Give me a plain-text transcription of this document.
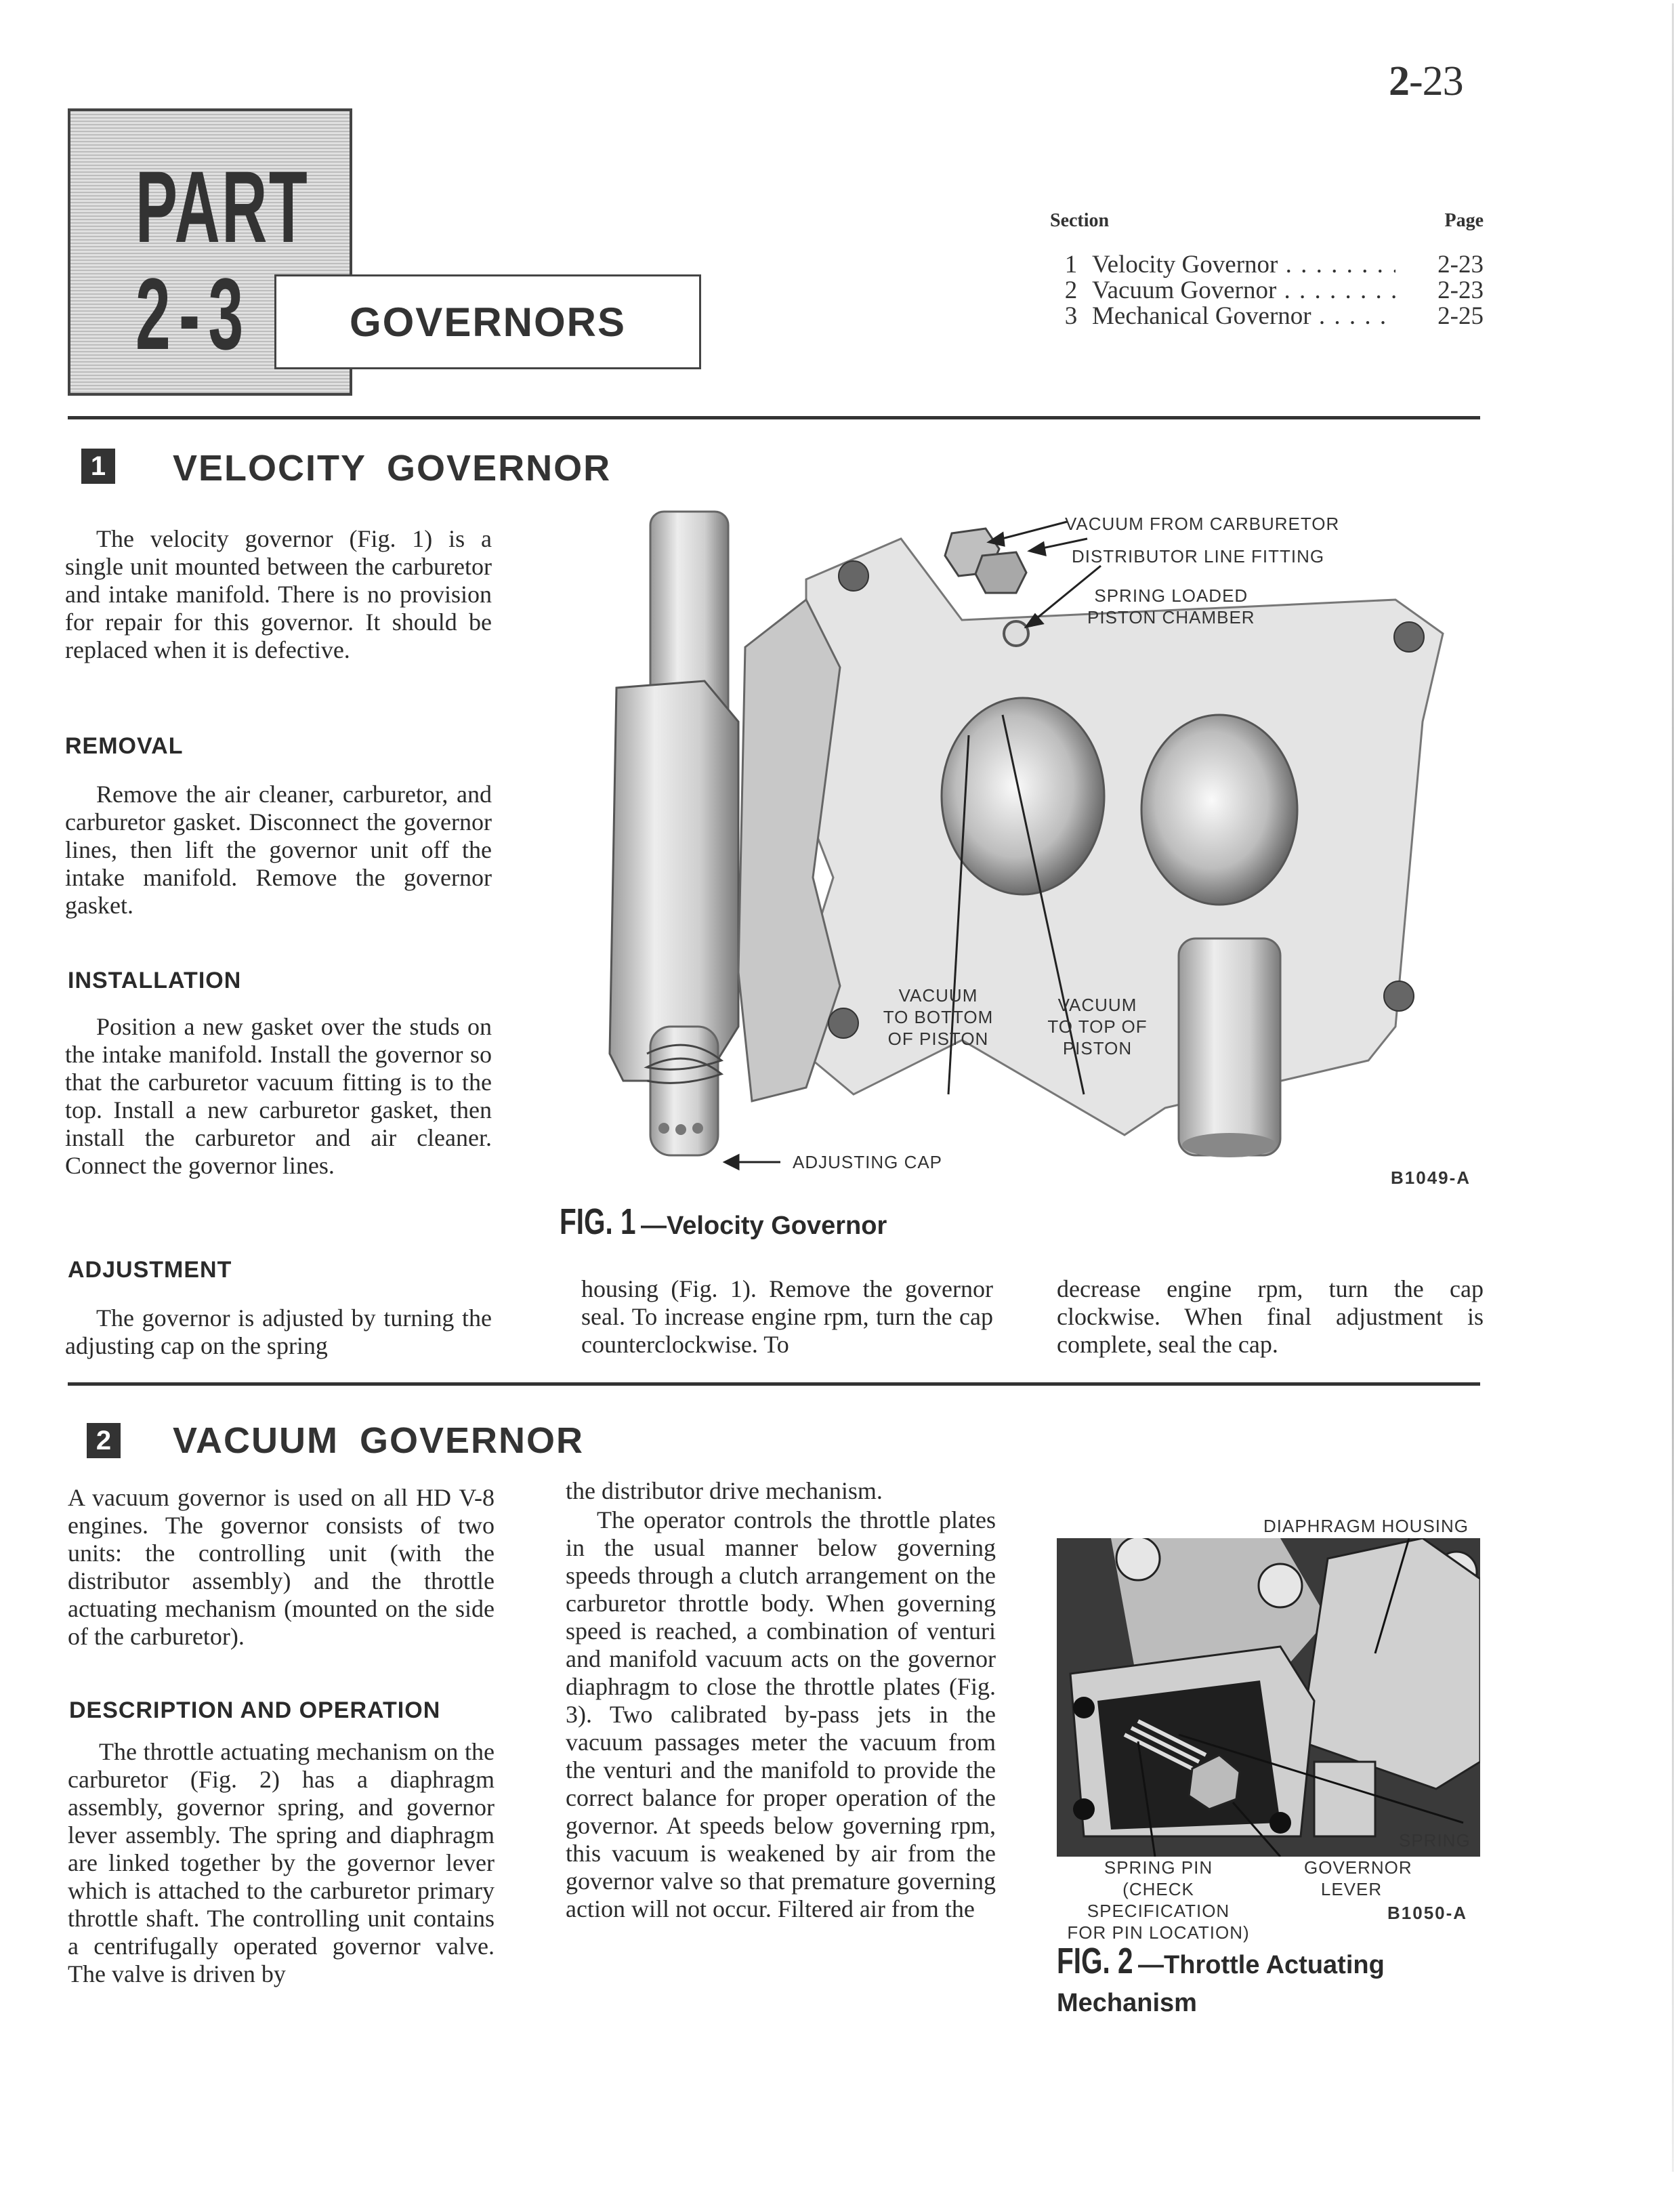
2-23
PART
2-3 GOVERNORS
Section	Page
1 Velocity Governor . . .	2-23
2 Vacuum Governor . . .	2-23
3 Mechanical Governor . . .	2-25
1 VELOCITY GOVERNOR

The velocity governor (Fig. 1) is a single unit mounted between the carburetor and intake manifold. There is no provision for repair for this governor. It should be replaced when it is defective.

REMOVAL

Remove the air cleaner, carburetor, and carburetor gasket. Disconnect the governor lines, then lift the governor unit off the intake manifold. Remove the governor gasket.

INSTALLATION

Position a new gasket over the studs on the intake manifold. Install the governor so that the carburetor vacuum fitting is to the top. Install a new carburetor gasket, then install the carburetor and air cleaner. Connect the governor lines.

ADJUSTMENT

The governor is adjusted by turning the adjusting cap on the spring

housing (Fig. 1). Remove the governor seal. To increase engine rpm, turn the cap counterclockwise. To

decrease engine rpm, turn the cap clockwise. When final adjustment is complete, seal the cap.

VACUUM FROM CARBURETOR
DISTRIBUTOR LINE FITTING
SPRING LOADED
PISTON CHAMBER
VACUUM
TO BOTTOM
OF PISTON
VACUUM
TO TOP OF
PISTON
ADJUSTING CAP
B1049-A
FIG. 1 —Velocity Governor
2 VACUUM GOVERNOR

A vacuum governor is used on all HD V-8 engines. The governor consists of two units: the controlling unit (with the distributor assembly) and the throttle actuating mechanism (mounted on the side of the carburetor).

DESCRIPTION AND OPERATION

The throttle actuating mechanism on the carburetor (Fig. 2) has a diaphragm assembly, governor spring, and governor lever assembly. The spring and diaphragm are linked together by the governor lever which is attached to the carburetor primary throttle shaft. The controlling unit contains a centrifugally operated governor valve. The valve is driven by

the distributor drive mechanism.

The operator controls the throttle plates in the usual manner below governing speeds through a clutch arrangement on the carburetor throttle body. When governing speed is reached, a combination of venturi and manifold vacuum acts on the governor diaphragm to close the throttle plates (Fig. 3). Two calibrated by-pass jets in the vacuum passages meter the vacuum from the venturi and the manifold to provide the correct balance for proper operation of the governor. At speeds below governing rpm, this vacuum is weakened by air from the governor valve so that premature governing action will not occur. Filtered air from the

DIAPHRAGM HOUSING
SPRING
SPRING PIN
(CHECK SPECIFICATION
FOR PIN LOCATION)
GOVERNOR
LEVER
B1050-A
FIG. 2 —Throttle Actuating
Mechanism
